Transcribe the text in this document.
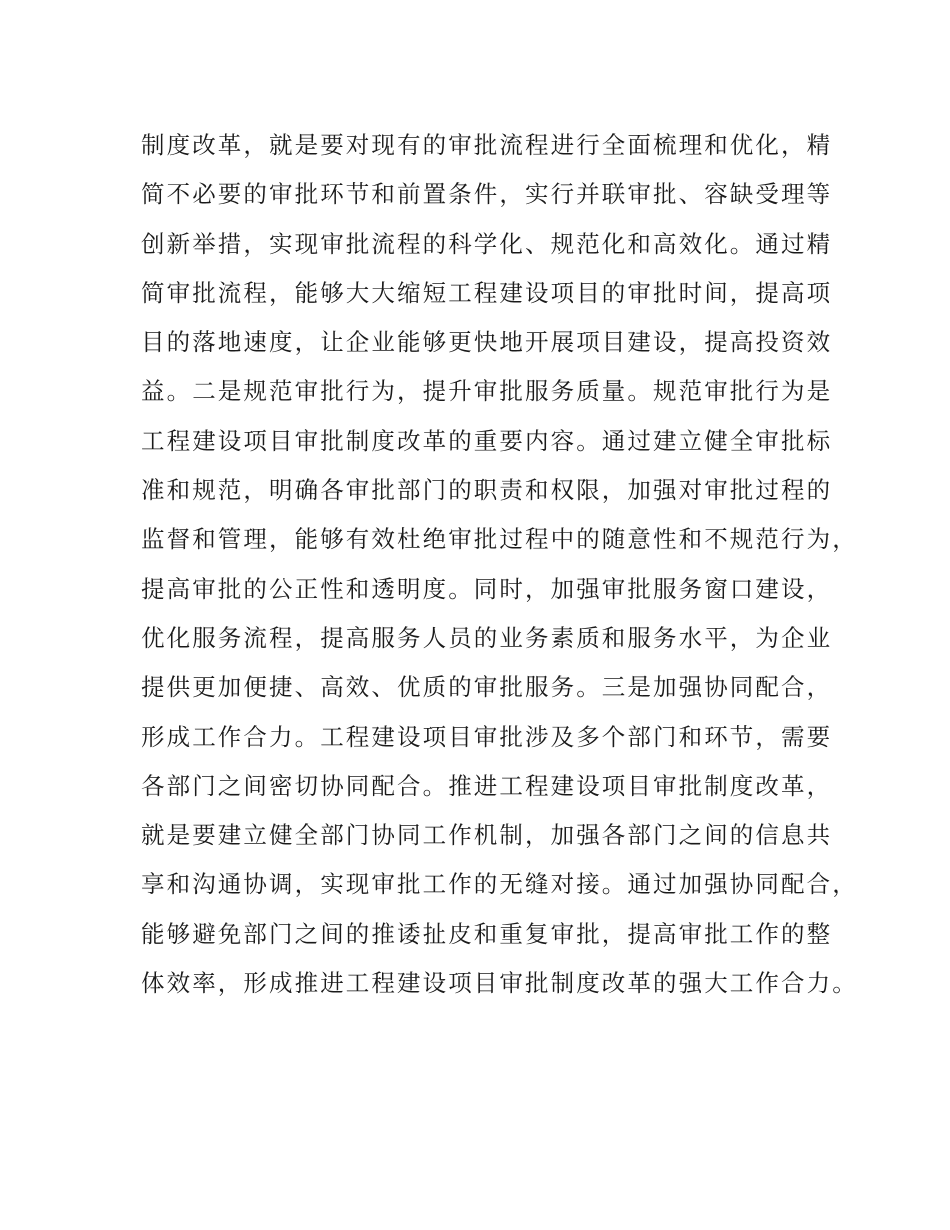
制度改革，就是要对现有的审批流程进行全面梳理和优化，精
简不必要的审批环节和前置条件，实行并联审批、容缺受理等
创新举措，实现审批流程的科学化、规范化和高效化。通过精
简审批流程，能够大大缩短工程建设项目的审批时间，提高项
目的落地速度，让企业能够更快地开展项目建设，提高投资效
益。二是规范审批行为，提升审批服务质量。规范审批行为是
工程建设项目审批制度改革的重要内容。通过建立健全审批标
准和规范，明确各审批部门的职责和权限，加强对审批过程的
监督和管理，能够有效杜绝审批过程中的随意性和不规范行为，
提高审批的公正性和透明度。同时，加强审批服务窗口建设，
优化服务流程，提高服务人员的业务素质和服务水平，为企业
提供更加便捷、高效、优质的审批服务。三是加强协同配合，
形成工作合力。工程建设项目审批涉及多个部门和环节，需要
各部门之间密切协同配合。推进工程建设项目审批制度改革，
就是要建立健全部门协同工作机制，加强各部门之间的信息共
享和沟通协调，实现审批工作的无缝对接。通过加强协同配合，
能够避免部门之间的推诿扯皮和重复审批，提高审批工作的整
体效率，形成推进工程建设项目审批制度改革的强大工作合力。
